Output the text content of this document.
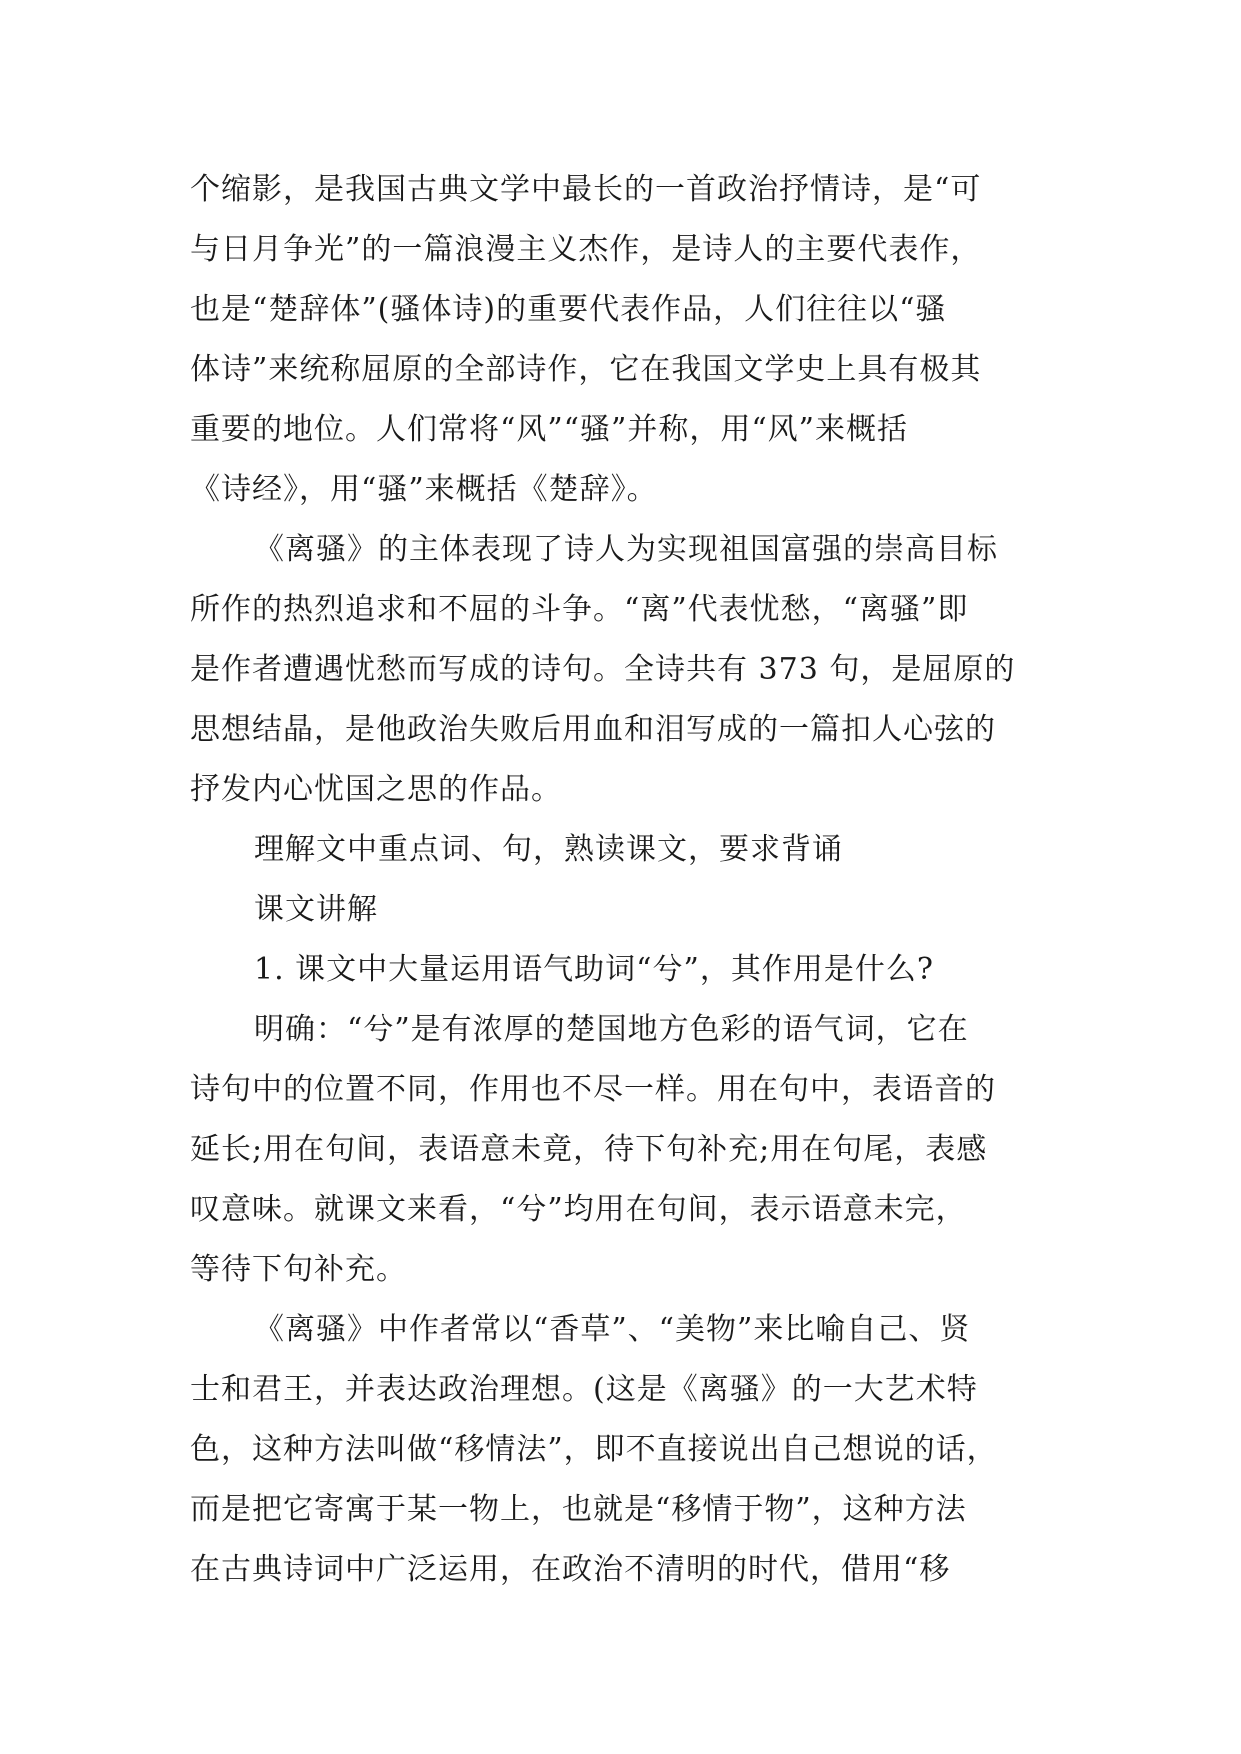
个缩影，是我国古典文学中最长的一首政治抒情诗，是“可
与日月争光”的一篇浪漫主义杰作，是诗人的主要代表作，
也是“楚辞体”(骚体诗)的重要代表作品，人们往往以“骚
体诗”来统称屈原的全部诗作，它在我国文学史上具有极其
重要的地位。人们常将“风”“骚”并称，用“风”来概括
《诗经》，用“骚”来概括《楚辞》。
《离骚》的主体表现了诗人为实现祖国富强的崇高目标
所作的热烈追求和不屈的斗争。“离”代表忧愁，“离骚”即
是作者遭遇忧愁而写成的诗句。全诗共有 373 句，是屈原的
思想结晶，是他政治失败后用血和泪写成的一篇扣人心弦的
抒发内心忧国之思的作品。
理解文中重点词、句，熟读课文，要求背诵
课文讲解
1. 课文中大量运用语气助词“兮”，其作用是什么?
明确：“兮”是有浓厚的楚国地方色彩的语气词，它在
诗句中的位置不同，作用也不尽一样。用在句中，表语音的
延长;用在句间，表语意未竟，待下句补充;用在句尾，表感
叹意味。就课文来看，“兮”均用在句间，表示语意未完，
等待下句补充。
《离骚》中作者常以“香草”、“美物”来比喻自己、贤
士和君王，并表达政治理想。(这是《离骚》的一大艺术特
色，这种方法叫做“移情法”，即不直接说出自己想说的话，
而是把它寄寓于某一物上，也就是“移情于物”，这种方法
在古典诗词中广泛运用，在政治不清明的时代，借用“移
